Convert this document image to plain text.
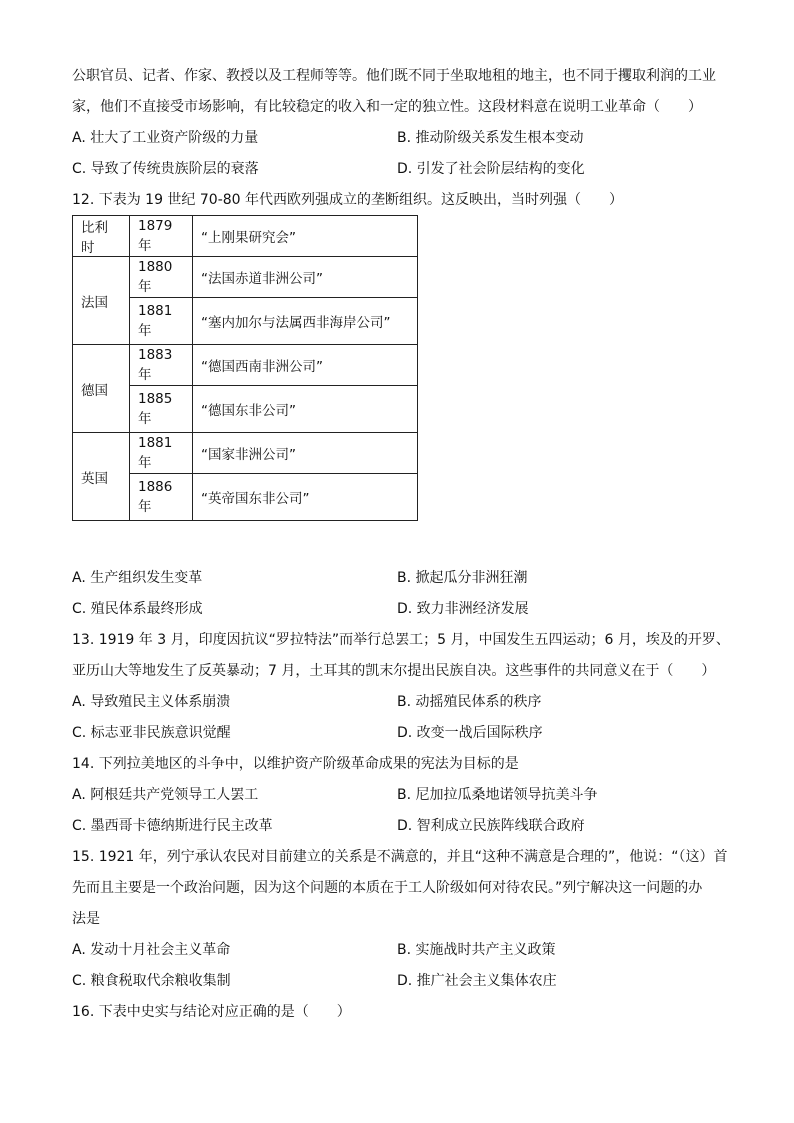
公职官员、记者、作家、教授以及工程师等等。他们既不同于坐取地租的地主，也不同于攫取利润的工业
家，他们不直接受市场影响，有比较稳定的收入和一定的独立性。这段材料意在说明工业革命（　　）
A. 壮大了工业资产阶级的力量	B. 推动阶级关系发生根本变动
C. 导致了传统贵族阶层的衰落	D. 引发了社会阶层结构的变化
12. 下表为 19 世纪 70-80 年代西欧列强成立的垄断组织。这反映出，当时列强（　　）
比利时	1879 年	“上刚果研究会”
法国	1880 年	“法国赤道非洲公司”
	1881 年	“塞内加尔与法属西非海岸公司”
德国	1883 年	“德国西南非洲公司”
	1885 年	“德国东非公司”
英国	1881 年	“国家非洲公司”
	1886 年	“英帝国东非公司”
A. 生产组织发生变革	B. 掀起瓜分非洲狂潮
C. 殖民体系最终形成	D. 致力非洲经济发展
13. 1919 年 3 月，印度因抗议“罗拉特法”而举行总罢工；5 月，中国发生五四运动；6 月，埃及的开罗、
亚历山大等地发生了反英暴动；7 月，土耳其的凯末尔提出民族自决。这些事件的共同意义在于（　　）
A. 导致殖民主义体系崩溃	B. 动摇殖民体系的秩序
C. 标志亚非民族意识觉醒	D. 改变一战后国际秩序
14. 下列拉美地区的斗争中，以维护资产阶级革命成果的宪法为目标的是
A. 阿根廷共产党领导工人罢工	B. 尼加拉瓜桑地诺领导抗美斗争
C. 墨西哥卡德纳斯进行民主改革	D. 智利成立民族阵线联合政府
15. 1921 年，列宁承认农民对目前建立的关系是不满意的，并且“这种不满意是合理的”，他说：“（这）首
先而且主要是一个政治问题，因为这个问题的本质在于工人阶级如何对待农民。”列宁解决这一问题的办
法是
A. 发动十月社会主义革命	B. 实施战时共产主义政策
C. 粮食税取代余粮收集制	D. 推广社会主义集体农庄
16. 下表中史实与结论对应正确的是（　　）
